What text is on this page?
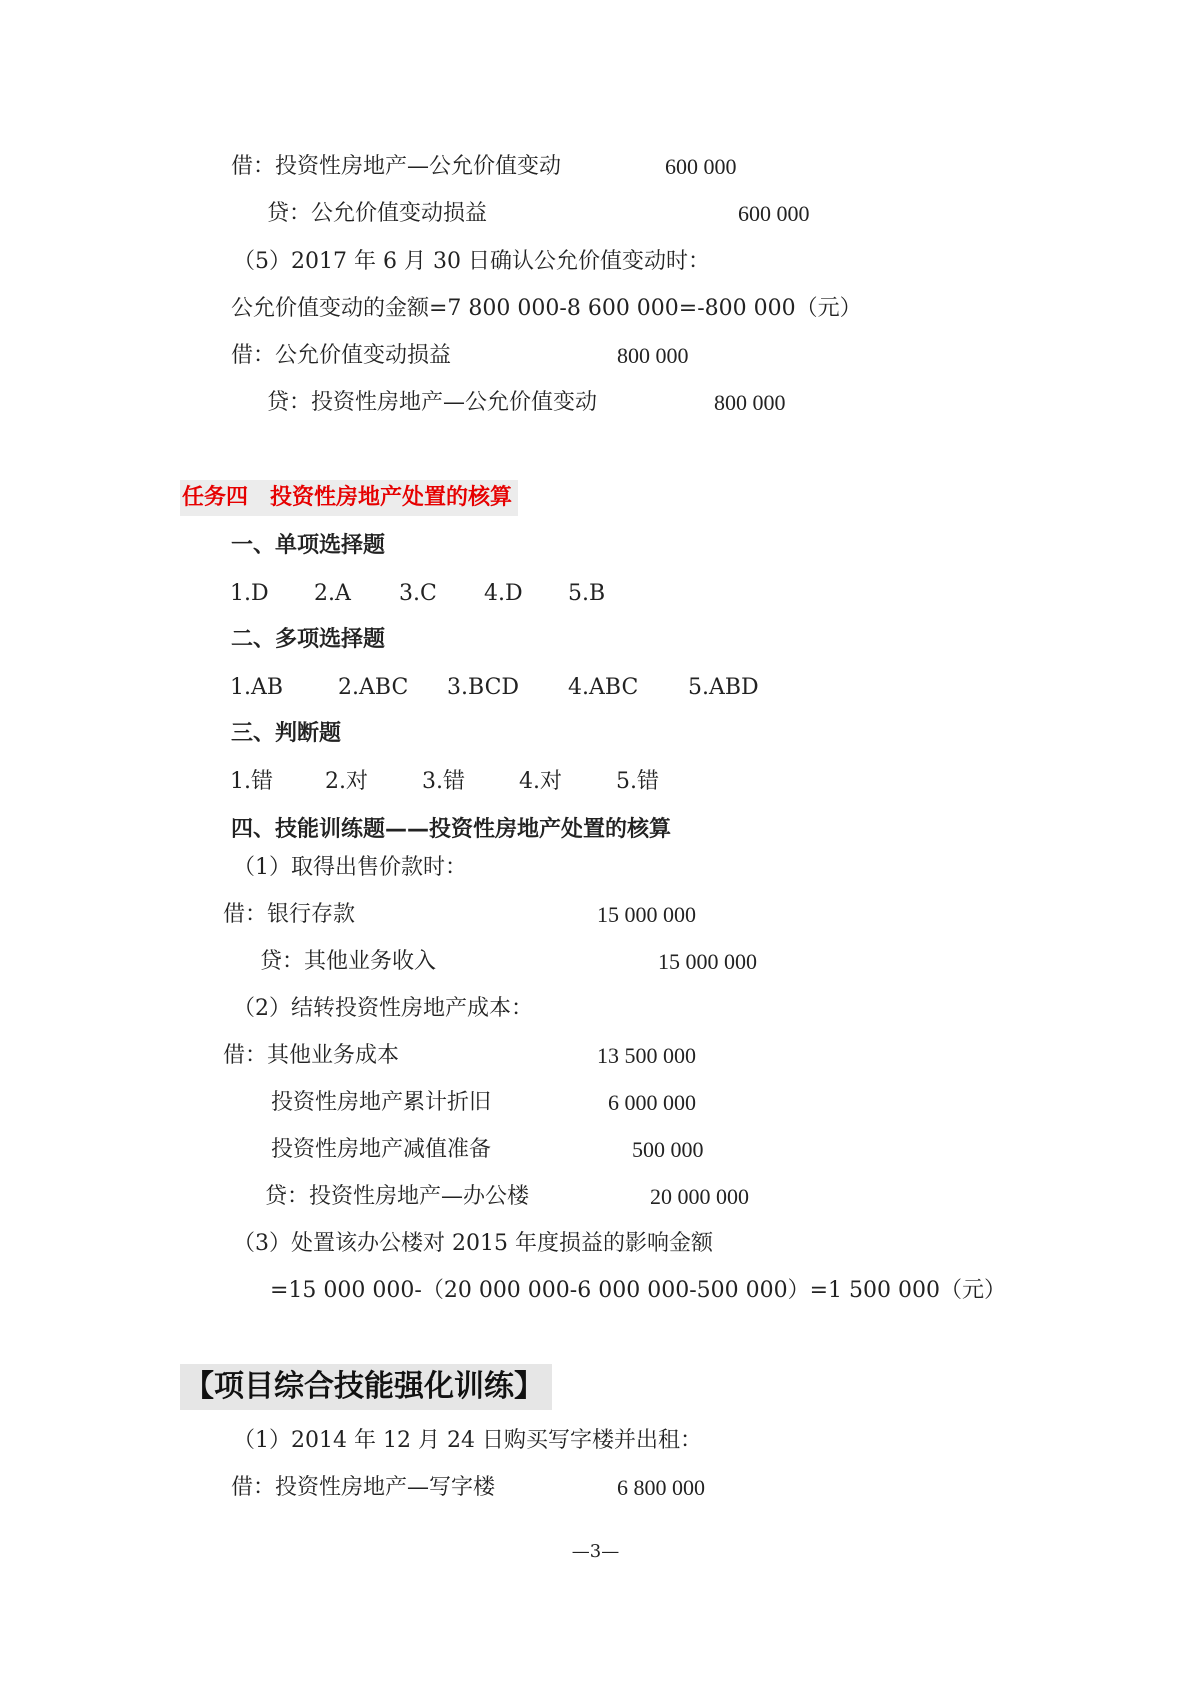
借：投资性房地产—公允价值变动	600 000
贷：公允价值变动损益	600 000
（5）2017 年 6 月 30 日确认公允价值变动时：
公允价值变动的金额=7 800 000-8 600 000=-800 000（元）
借：公允价值变动损益	800 000
贷：投资性房地产—公允价值变动	800 000
任务四　投资性房地产处置的核算
一、单项选择题

1.D

2.A

3.C

4.D

5.B

二、多项选择题

1.AB

2.ABC

3.BCD

4.ABC

5.ABD

三、判断题

1.错

2.对

3.错

4.对

5.错

四、技能训练题——投资性房地产处置的核算
（1）取得出售价款时：
借：银行存款	15 000 000
贷：其他业务收入	15 000 000
（2）结转投资性房地产成本：
借：其他业务成本	13 500 000
投资性房地产累计折旧	6 000 000
投资性房地产减值准备	500 000
贷：投资性房地产—办公楼	20 000 000
（3）处置该办公楼对 2015 年度损益的影响金额
=15 000 000-（20 000 000-6 000 000-500 000）=1 500 000（元）
【项目综合技能强化训练】
（1）2014 年 12 月 24 日购买写字楼并出租：
借：投资性房地产—写字楼	6 800 000
—3—
